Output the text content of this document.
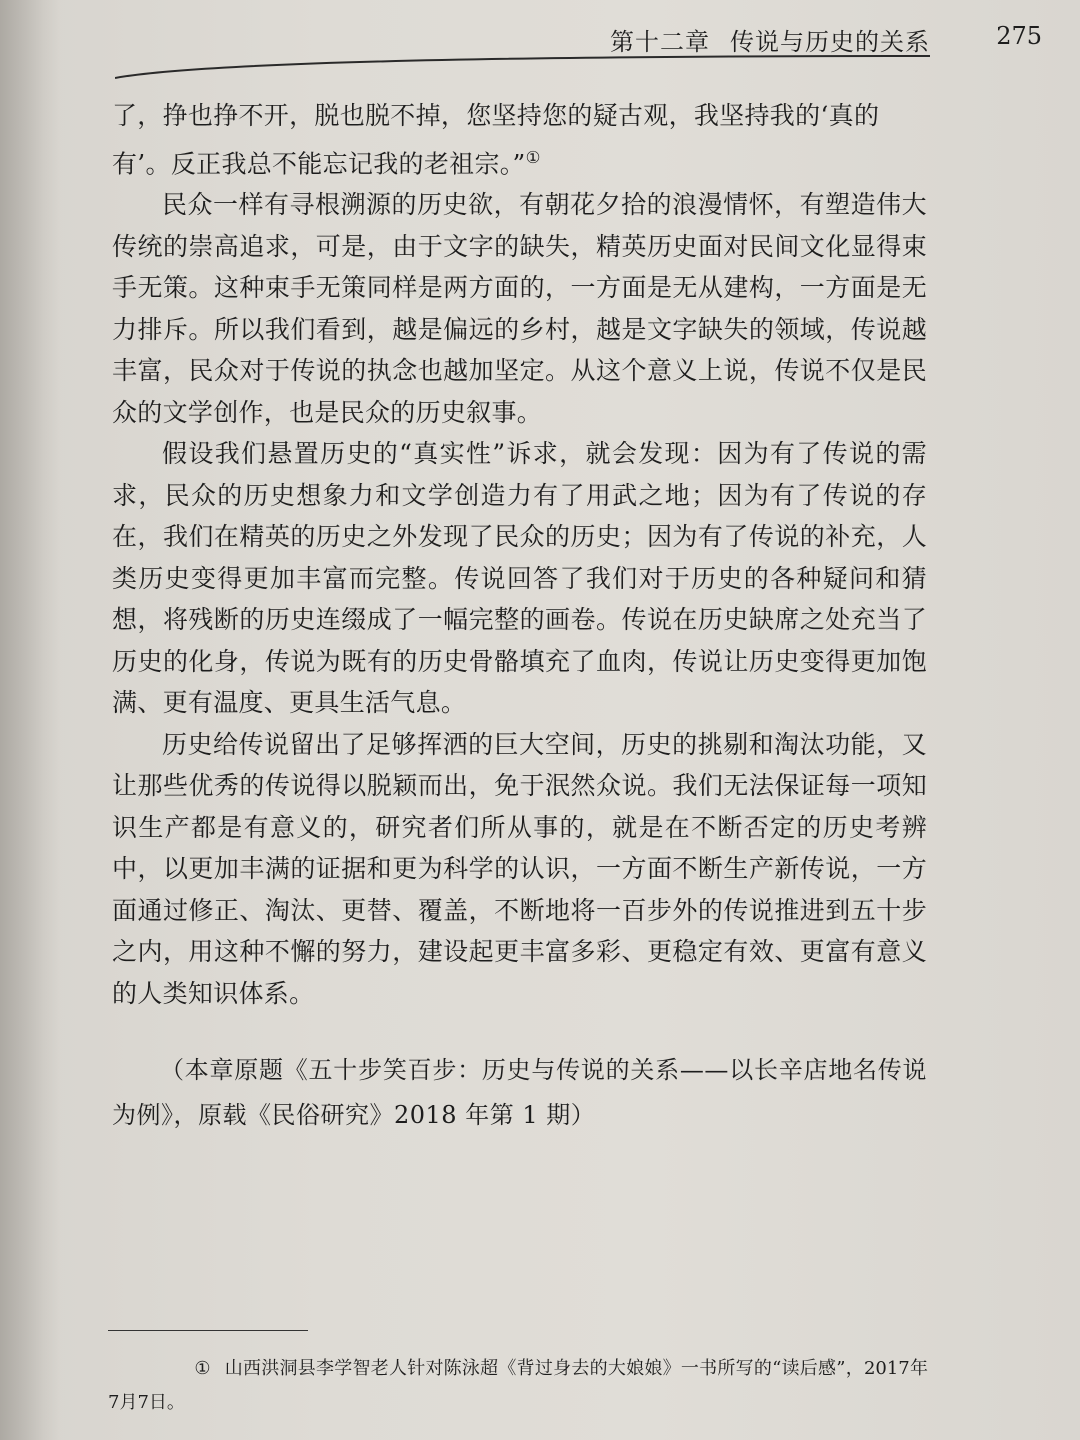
第十二章 传说与历史的关系	275

了，挣也挣不开，脱也脱不掉，您坚持您的疑古观，我坚持我的‘真的
有’。反正我总不能忘记我的老祖宗。”①

民众一样有寻根溯源的历史欲，有朝花夕拾的浪漫情怀，有塑造伟大传统的崇高追求，可是，由于文字的缺失，精英历史面对民间文化显得束手无策。这种束手无策同样是两方面的，一方面是无从建构，一方面是无力排斥。所以我们看到，越是偏远的乡村，越是文字缺失的领域，传说越丰富，民众对于传说的执念也越加坚定。从这个意义上说，传说不仅是民众的文学创作，也是民众的历史叙事。

假设我们悬置历史的“真实性”诉求，就会发现：因为有了传说的需求，民众的历史想象力和文学创造力有了用武之地；因为有了传说的存在，我们在精英的历史之外发现了民众的历史；因为有了传说的补充，人类历史变得更加丰富而完整。传说回答了我们对于历史的各种疑问和猜想，将残断的历史连缀成了一幅完整的画卷。传说在历史缺席之处充当了历史的化身，传说为既有的历史骨骼填充了血肉，传说让历史变得更加饱满、更有温度、更具生活气息。

历史给传说留出了足够挥洒的巨大空间，历史的挑剔和淘汰功能，又让那些优秀的传说得以脱颖而出，免于泯然众说。我们无法保证每一项知识生产都是有意义的，研究者们所从事的，就是在不断否定的历史考辨中，以更加丰满的证据和更为科学的认识，一方面不断生产新传说，一方面通过修正、淘汰、更替、覆盖，不断地将一百步外的传说推进到五十步之内，用这种不懈的努力，建设起更丰富多彩、更稳定有效、更富有意义的人类知识体系。

（本章原题《五十步笑百步：历史与传说的关系——以长辛店地名传说为例》，原载《民俗研究》2018 年第 1 期）
① 山西洪洞县李学智老人针对陈泳超《背过身去的大娘娘》一书所写的“读后感”，2017年7月7日。
